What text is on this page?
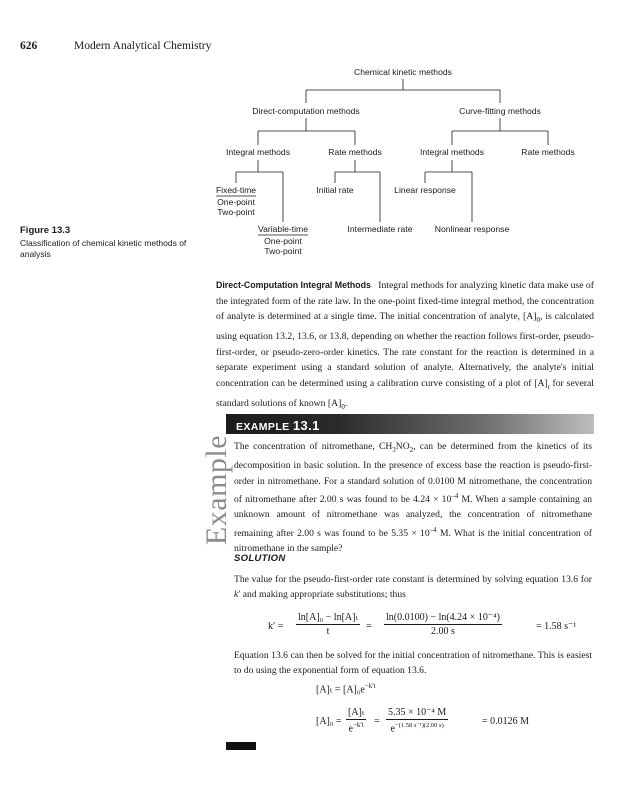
626	Modern Analytical Chemistry
Chemical kinetic methods
Direct-computation methods	Curve-fitting methods
Integral methods	Rate methods	Integral methods	Rate methods
Fixed-time
One-point
Two-point
Initial rate	Linear response
Variable-time
One-point
Two-point
Intermediate rate	Nonlinear response
Figure 13.3
Classification of chemical kinetic methods of analysis
Direct-Computation Integral Methods Integral methods for analyzing kinetic data make use of the integrated form of the rate law. In the one-point fixed-time integral method, the concentration of analyte is determined at a single time. The initial concentration of analyte, $[A]_0$, is calculated using equation 13.2, 13.6, or 13.8, depending on whether the reaction follows first-order, pseudo-first-order, or pseudo-zero-order kinetics. The rate constant for the reaction is determined in a separate experiment using a standard solution of analyte. Alternatively, the analyte's initial concentration can be determined using a calibration curve consisting of a plot of $[A]_t$ for several standard solutions of known $[A]_0$.
Example
EXAMPLE 13.1
The concentration of nitromethane, $CH_3NO_2$, can be determined from the kinetics of its decomposition in basic solution. In the presence of excess base the reaction is pseudo-first-order in nitromethane. For a standard solution of 0.0100 M nitromethane, the concentration of nitromethane after 2.00 s was found to be $4.24 \times 10^{-4}$ M. When a sample containing an unknown amount of nitromethane was analyzed, the concentration of nitromethane remaining after 2.00 s was found to be $5.35 \times 10^{-4}$ M. What is the initial concentration of nitromethane in the sample?
SOLUTION
The value for the pseudo-first-order rate constant is determined by solving equation 13.6 for k′ and making appropriate substitutions; thus
$k' = \frac{\text{ln[A]₀ − ln[A]ₜ}}{t} = \frac{\text{ln(0.0100) − ln(4.24 × 10⁻⁴)}}{2.00 s}$	= 1.58 s⁻¹
Equation 13.6 can then be solved for the initial concentration of nitromethane. This is easiest to do using the exponential form of equation 13.6.
$[A]_t = [A]_0e^{-k't}$
$[A]_0 = \frac{\text{[A]ₜ}}{e^{-k't}} = \frac{\text{5.35 × 10⁻⁴ M}}{e^{-(1.58 s^{-1})(2.00 s)}}$	= 0.0126 M
